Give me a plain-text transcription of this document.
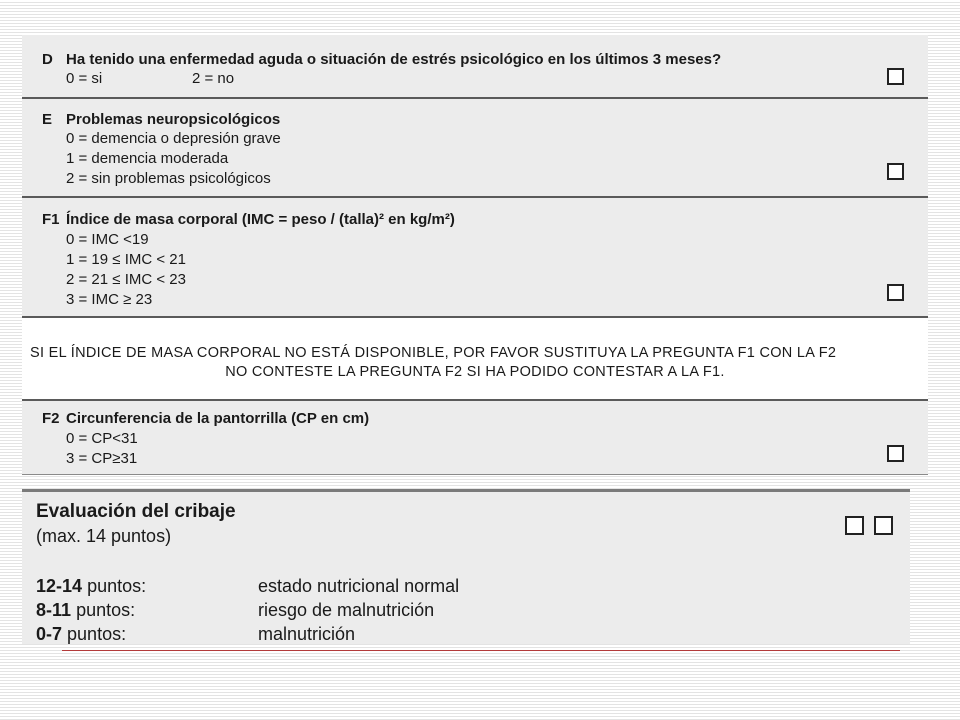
D Ha tenido una enfermedad aguda o situación de estrés psicológico en los últimos 3 meses?
0 = si	2 = no
E Problemas neuropsicológicos
0 = demencia o depresión grave
1 = demencia moderada
2 = sin problemas psicológicos
F1 Índice de masa corporal (IMC = peso / (talla)² en kg/m²)
0 = IMC <19
1 = 19 ≤ IMC < 21
2 = 21 ≤ IMC < 23
3 = IMC ≥ 23
SI EL ÍNDICE DE MASA CORPORAL NO ESTÁ DISPONIBLE, POR FAVOR SUSTITUYA LA PREGUNTA F1 CON LA F2
NO CONTESTE LA PREGUNTA F2 SI HA PODIDO CONTESTAR A LA F1.
F2 Circunferencia de la pantorrilla (CP en cm)
0 = CP<31
3 = CP≥31
Evaluación del cribaje
(max. 14 puntos)
12-14 puntos:	estado nutricional normal
8-11 puntos:	riesgo de malnutrición
0-7 puntos:	malnutrición
